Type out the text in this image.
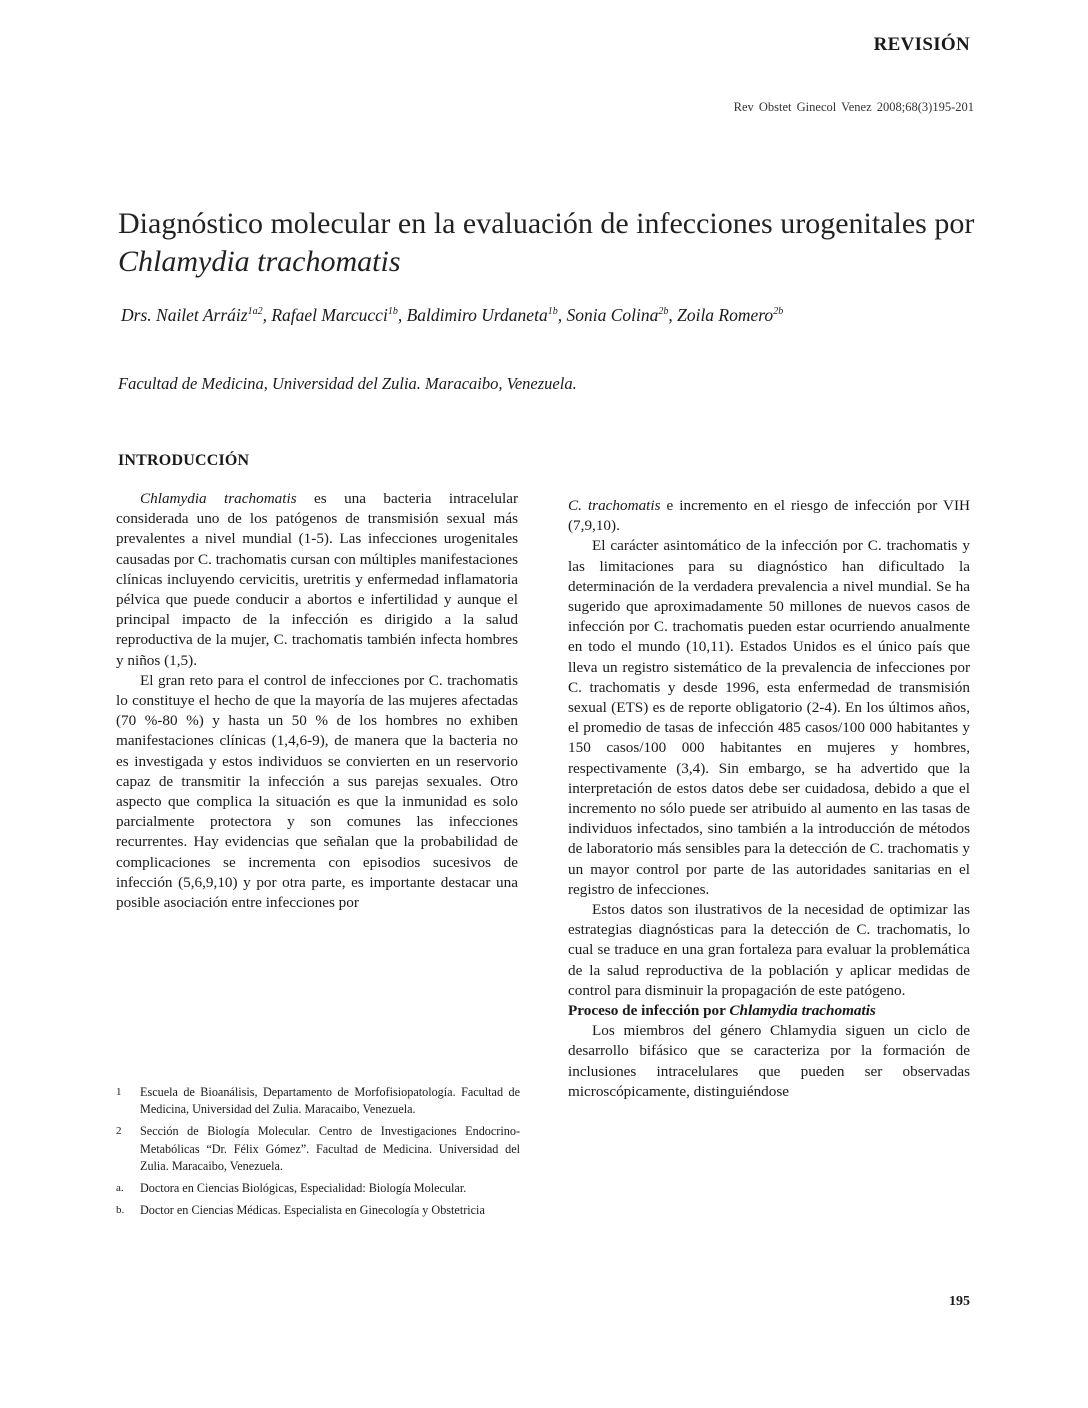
REVISIÓN
Rev Obstet Ginecol Venez 2008;68(3)195-201
Diagnóstico molecular en la evaluación de infecciones urogenitales por Chlamydia trachomatis
Drs. Nailet Arráiz$^{1a2}$, Rafael Marcucci$^{1b}$, Baldimiro Urdaneta$^{1b}$, Sonia Colina$^{2b}$, Zoila Romero$^{2b}$
Facultad de Medicina, Universidad del Zulia. Maracaibo, Venezuela.
INTRODUCCIÓN

Chlamydia trachomatis es una bacteria intracelular considerada uno de los patógenos de transmisión sexual más prevalentes a nivel mundial (1-5). Las infecciones urogenitales causadas por C. trachomatis cursan con múltiples manifestaciones clínicas incluyendo cervicitis, uretritis y enfermedad inflamatoria pélvica que puede conducir a abortos e infertilidad y aunque el principal impacto de la infección es dirigido a la salud reproductiva de la mujer, C. trachomatis también infecta hombres y niños (1,5).

El gran reto para el control de infecciones por C. trachomatis lo constituye el hecho de que la mayoría de las mujeres afectadas (70 %-80 %) y hasta un 50 % de los hombres no exhiben manifestaciones clínicas (1,4,6-9), de manera que la bacteria no es investigada y estos individuos se convierten en un reservorio capaz de transmitir la infección a sus parejas sexuales. Otro aspecto que complica la situación es que la inmunidad es solo parcialmente protectora y son comunes las infecciones recurrentes. Hay evidencias que señalan que la probabilidad de complicaciones se incrementa con episodios sucesivos de infección (5,6,9,10) y por otra parte, es importante destacar una posible asociación entre infecciones por

C. trachomatis e incremento en el riesgo de infección por VIH (7,9,10).

El carácter asintomático de la infección por C. trachomatis y las limitaciones para su diagnóstico han dificultado la determinación de la verdadera prevalencia a nivel mundial. Se ha sugerido que aproximadamente 50 millones de nuevos casos de infección por C. trachomatis pueden estar ocurriendo anualmente en todo el mundo (10,11). Estados Unidos es el único país que lleva un registro sistemático de la prevalencia de infecciones por C. trachomatis y desde 1996, esta enfermedad de transmisión sexual (ETS) es de reporte obligatorio (2-4). En los últimos años, el promedio de tasas de infección 485 casos/100 000 habitantes y 150 casos/100 000 habitantes en mujeres y hombres, respectivamente (3,4). Sin embargo, se ha advertido que la interpretación de estos datos debe ser cuidadosa, debido a que el incremento no sólo puede ser atribuido al aumento en las tasas de individuos infectados, sino también a la introducción de métodos de laboratorio más sensibles para la detección de C. trachomatis y un mayor control por parte de las autoridades sanitarias en el registro de infecciones.

Estos datos son ilustrativos de la necesidad de optimizar las estrategias diagnósticas para la detección de C. trachomatis, lo cual se traduce en una gran fortaleza para evaluar la problemática de la salud reproductiva de la población y aplicar medidas de control para disminuir la propagación de este patógeno.

Proceso de infección por Chlamydia trachomatis

Los miembros del género Chlamydia siguen un ciclo de desarrollo bifásico que se caracteriza por la formación de inclusiones intracelulares que pueden ser observadas microscópicamente, distinguiéndose

1	Escuela de Bioanálisis, Departamento de Morfofisiopatología. Facultad de Medicina, Universidad del Zulia. Maracaibo, Venezuela.
2	Sección de Biología Molecular. Centro de Investigaciones Endocrino-Metabólicas “Dr. Félix Gómez”. Facultad de Medicina. Universidad del Zulia. Maracaibo, Venezuela.
a.	Doctora en Ciencias Biológicas, Especialidad: Biología Molecular.
b.	Doctor en Ciencias Médicas. Especialista en Ginecología y Obstetricia
195
